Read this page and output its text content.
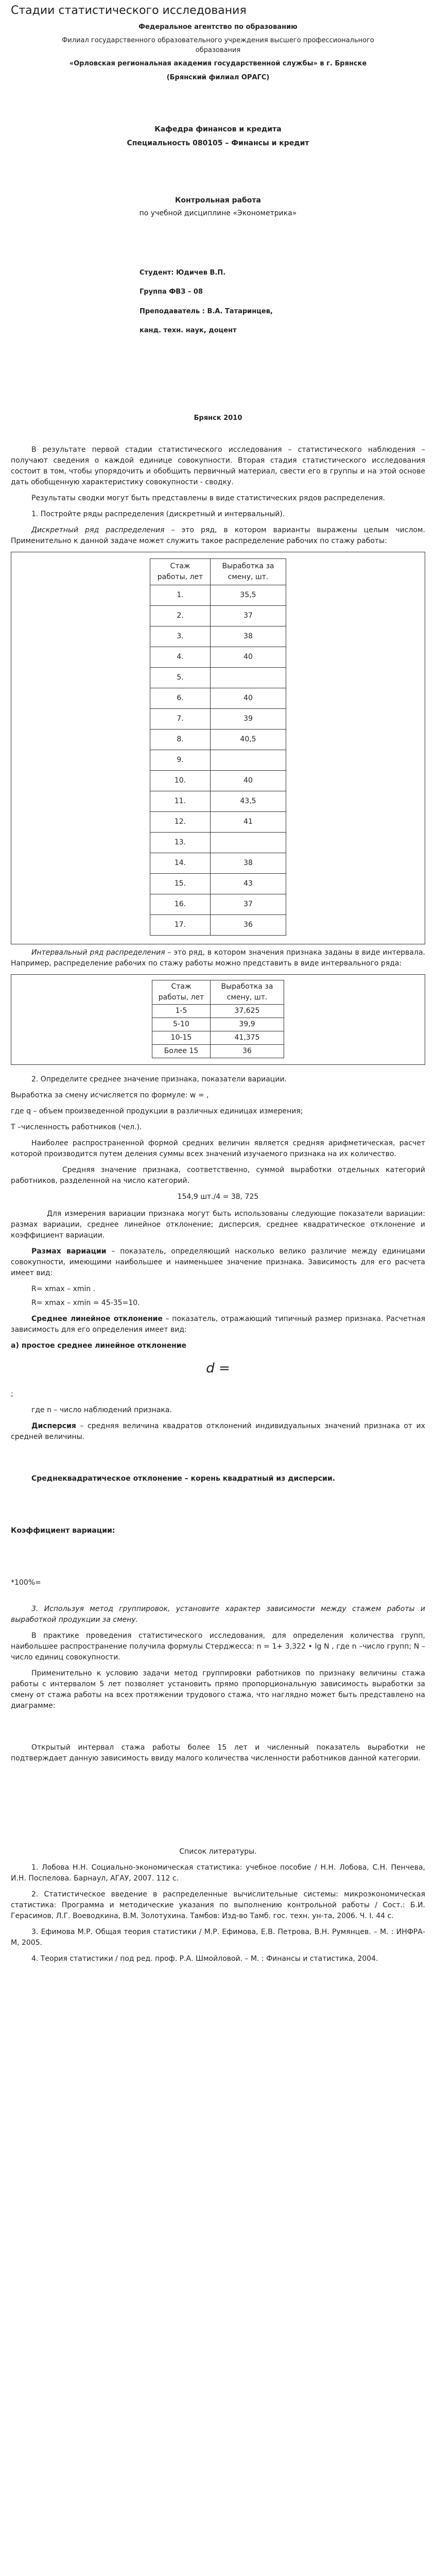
Стадии статистического исследования
Федеральное агентство по образованию
Филиал государственного образовательного учреждения высшего профессионального
образования
«Орловская региональная академия государственной службы» в г. Брянске
(Брянский филиал ОРАГС)
Кафедра финансов и кредита
Специальность 080105 – Финансы и кредит
Контрольная работа
по учебной дисциплине «Эконометрика»
Студент: Юдичев В.П.
Группа ФВЗ – 08
Преподаватель : В.А. Татаринцев,
канд. техн. наук, доцент
Брянск 2010

В результате первой стадии статистического исследования – статистического наблюдения – получают сведения о каждой единице совокупности. Вторая стадия статистического исследования состоит в том, чтобы упорядочить и обобщить первичный материал, свести его в группы и на этой основе дать обобщенную характеристику совокупности - сводку.

Результаты сводки могут быть представлены в виде статистических рядов распределения.

1. Постройте ряды распределения (дискретный и интервальный).

Дискретный ряд распределения – это ряд, в котором варианты выражены целым числом. Применительно к данной задаче может служить такое распределение рабочих по стажу работы:

Стаж работы, лет	Выработка за смену, шт.
1.	35,5
2.	37
3.	38
4.	40
5.	
6.	40
7.	39
8.	40,5
9.	
10.	40
11.	43,5
12.	41
13.	
14.	38
15.	43
16.	37
17.	36

Интервальный ряд распределения – это ряд, в котором значения признака заданы в виде интервала. Например, распределение рабочих по стажу работы можно представить в виде интервального ряда:

Стаж работы, лет	Выработка за смену, шт.
1-5	37,625
5-10	39,9
10-15	41,375
Более 15	36

2. Определите среднее значение признака, показатели вариации.

Выработка за смену исчисляется по формуле: w = ,

где q – объем произведенной продукции в различных единицах измерения;

T –численность работников (чел.).

Наиболее распространенной формой средних величин является средняя арифметическая, расчет которой производится путем деления суммы всех значений изучаемого признака на их количество.

Средняя значение признака, соответственно, суммой выработки отдельных категорий работников, разделенной на число категорий.

154,9 шт./4 = 38, 725

Для измерения вариации признака могут быть использованы следующие показатели вариации: размах вариации, среднее линейное отклонение; дисперсия, среднее квадратическое отклонение и коэффициент вариации.

Размах вариации – показатель, определяющий насколько велико различие между единицами совокупности, имеющими наибольшее и наименьшее значение признака. Зависимость для его расчета имеет вид:

R= xmax – xmin .

R= xmax – xmin = 45-35=10.

Среднее линейное отклонение – показатель, отражающий типичный размер признака. Расчетная зависимость для его определения имеет вид:

а) простое среднее линейное отклонение

d =

;

где n – число наблюдений признака.

Дисперсия – средняя величина квадратов отклонений индивидуальных значений признака от их средней величины.

Среднеквадратическое отклонение – корень квадратный из дисперсии.

Коэффициент вариации:

*100%=

3. Используя метод группировок, установите характер зависимости между стажем работы и выработкой продукции за смену.

В практике проведения статистического исследования, для определения количества групп, наибольшее распространение получила формулы Стерджесса: n = 1+ 3,322 • lg N , где n –число групп; N –число единиц совокупности.

Применительно к условию задачи метод группировки работников по признаку величины стажа работы с интервалом 5 лет позволяет установить прямо пропорциональную зависимость выработки за смену от стажа работы на всех протяжении трудового стажа, что наглядно может быть представлено на диаграмме:

Открытый интервал стажа работы более 15 лет и численный показатель выработки не подтверждает данную зависимость ввиду малого количества численности работников данной категории.

Список литературы.

1. Лобова Н.Н. Социально-экономическая статистика: учебное пособие / Н.Н. Лобова, С.Н. Пенчева, И.Н. Поспелова. Барнаул, АГАУ, 2007. 112 с.

2. Статистическое введение в распределенные вычислительные системы: микроэкономическая статистика: Программа и методические указания по выполнению контрольной работы / Сост.: Б.И. Герасимов, Л.Г. Воеводкина, В.М. Золотухина. Тамбов: Изд-во Тамб. гос. техн. ун-та, 2006. Ч. I. 44 с.

3. Ефимова М.Р. Общая теория статистики / М.Р. Ефимова, Е.В. Петрова, В.Н. Румянцев. – М. : ИНФРА-М, 2005.

4. Теория статистики / под ред. проф. Р.А. Шмойловой. – М. : Финансы и статистика, 2004.
